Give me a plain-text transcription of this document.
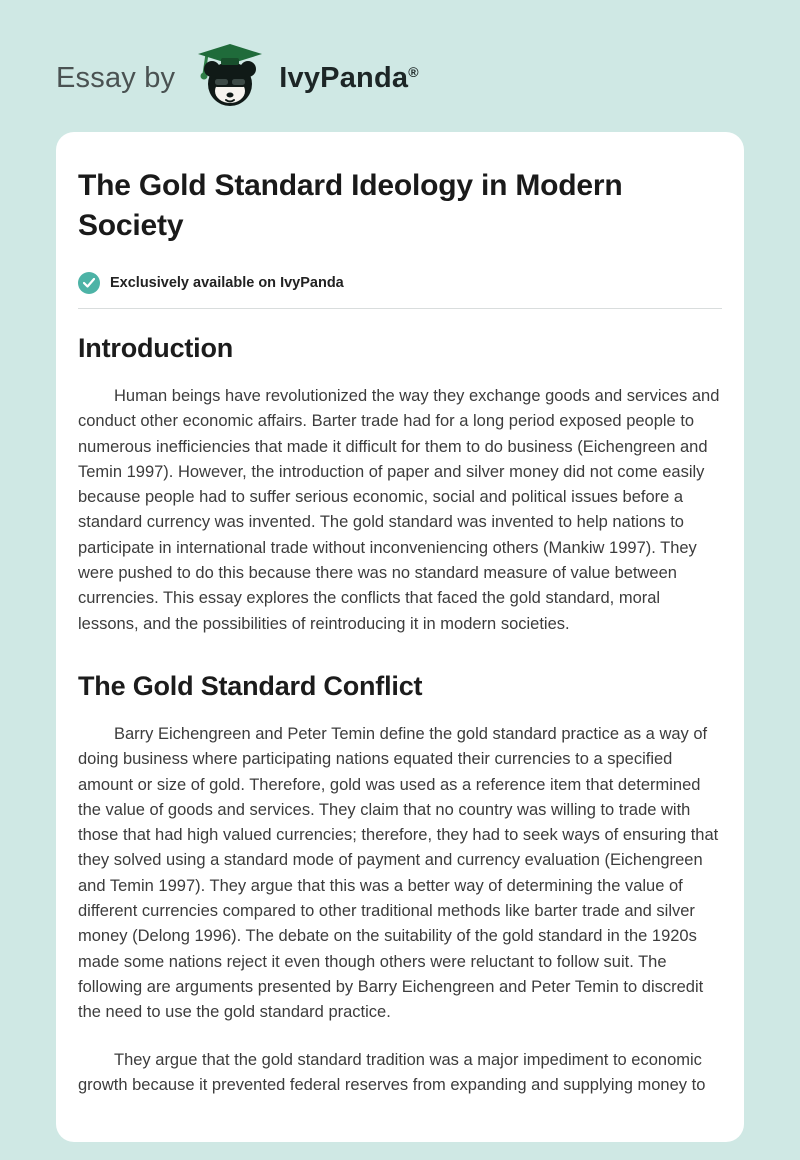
Essay by	IvyPanda®
The Gold Standard Ideology in Modern Society
Exclusively available on IvyPanda
Introduction

Human beings have revolutionized the way they exchange goods and services and conduct other economic affairs. Barter trade had for a long period exposed people to numerous inefficiencies that made it difficult for them to do business (Eichengreen and Temin 1997). However, the introduction of paper and silver money did not come easily because people had to suffer serious economic, social and political issues before a standard currency was invented. The gold standard was invented to help nations to participate in international trade without inconveniencing others (Mankiw 1997). They were pushed to do this because there was no standard measure of value between currencies. This essay explores the conflicts that faced the gold standard, moral lessons, and the possibilities of reintroducing it in modern societies.

The Gold Standard Conflict

Barry Eichengreen and Peter Temin define the gold standard practice as a way of doing business where participating nations equated their currencies to a specified amount or size of gold. Therefore, gold was used as a reference item that determined the value of goods and services. They claim that no country was willing to trade with those that had high valued currencies; therefore, they had to seek ways of ensuring that they solved using a standard mode of payment and currency evaluation (Eichengreen and Temin 1997). They argue that this was a better way of determining the value of different currencies compared to other traditional methods like barter trade and silver money (Delong 1996). The debate on the suitability of the gold standard in the 1920s made some nations reject it even though others were reluctant to follow suit. The following are arguments presented by Barry Eichengreen and Peter Temin to discredit the need to use the gold standard practice.

They argue that the gold standard tradition was a major impediment to economic growth because it prevented federal reserves from expanding and supplying money to
